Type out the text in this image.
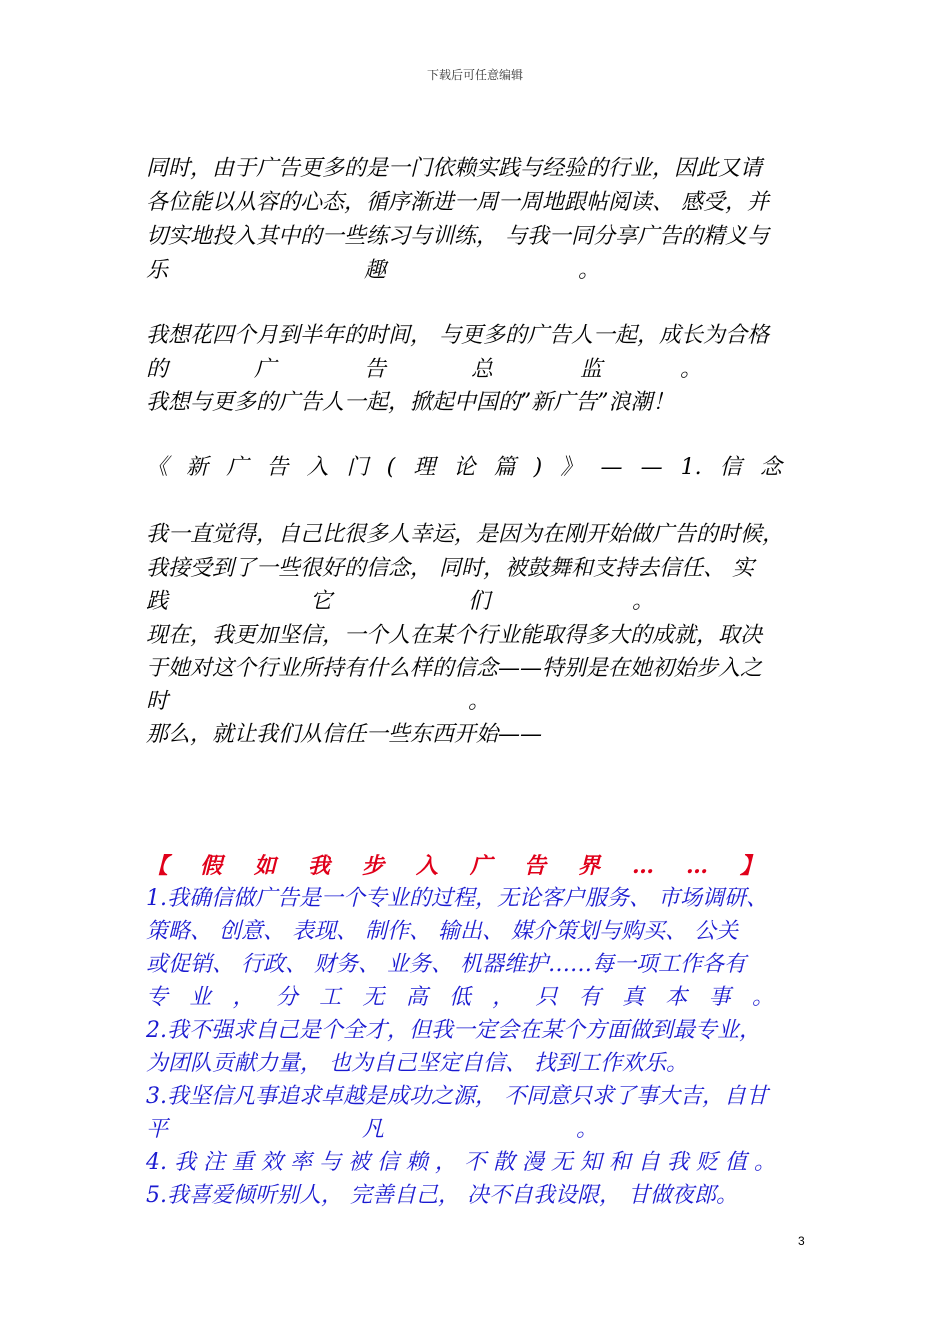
下载后可任意编辑
同时，由于广告更多的是一门依赖实践与经验的行业，因此又请
各位能以从容的心态，循序渐进一周一周地跟帖阅读、 感受，并
切实地投入其中的一些练习与训练， 与我一同分享广告的精义与
乐	趣	。
我想花四个月到半年的时间， 与更多的广告人一起，成长为合格
的	广	告	总	监	。
我想与更多的广告人一起，掀起中国的”新广告”浪潮！
《 新 广 告 入 门 ( 理 论 篇 ) 》 — — 1. 信 念
我一直觉得，自己比很多人幸运，是因为在刚开始做广告的时候，
我接受到了一些很好的信念， 同时，被鼓舞和支持去信任、 实
践	它	们	。
现在，我更加坚信，一个人在某个行业能取得多大的成就，取决
于她对这个行业所持有什么样的信念——特别是在她初始步入之
时	。
那么，就让我们从信任一些东西开始——
【 假 如 我 步 入 广 告 界 … … 】
1.我确信做广告是一个专业的过程，无论客户服务、 市场调研、
策略、 创意、 表现、 制作、 输出、 媒介策划与购买、 公关
或促销、 行政、 财务、 业务、 机器维护……每一项工作各有
专 业 ， 分 工 无 高 低 ， 只 有 真 本 事 。
2.我不强求自己是个全才，但我一定会在某个方面做到最专业，
为团队贡献力量， 也为自己坚定自信、 找到工作欢乐。
3.我坚信凡事追求卓越是成功之源， 不同意只求了事大吉，自甘
平	凡	。
4. 我 注 重 效 率 与 被 信 赖 ， 不 散 漫 无 知 和 自 我 贬 值 。
5.我喜爱倾听别人， 完善自己， 决不自我设限， 甘做夜郎。
3
